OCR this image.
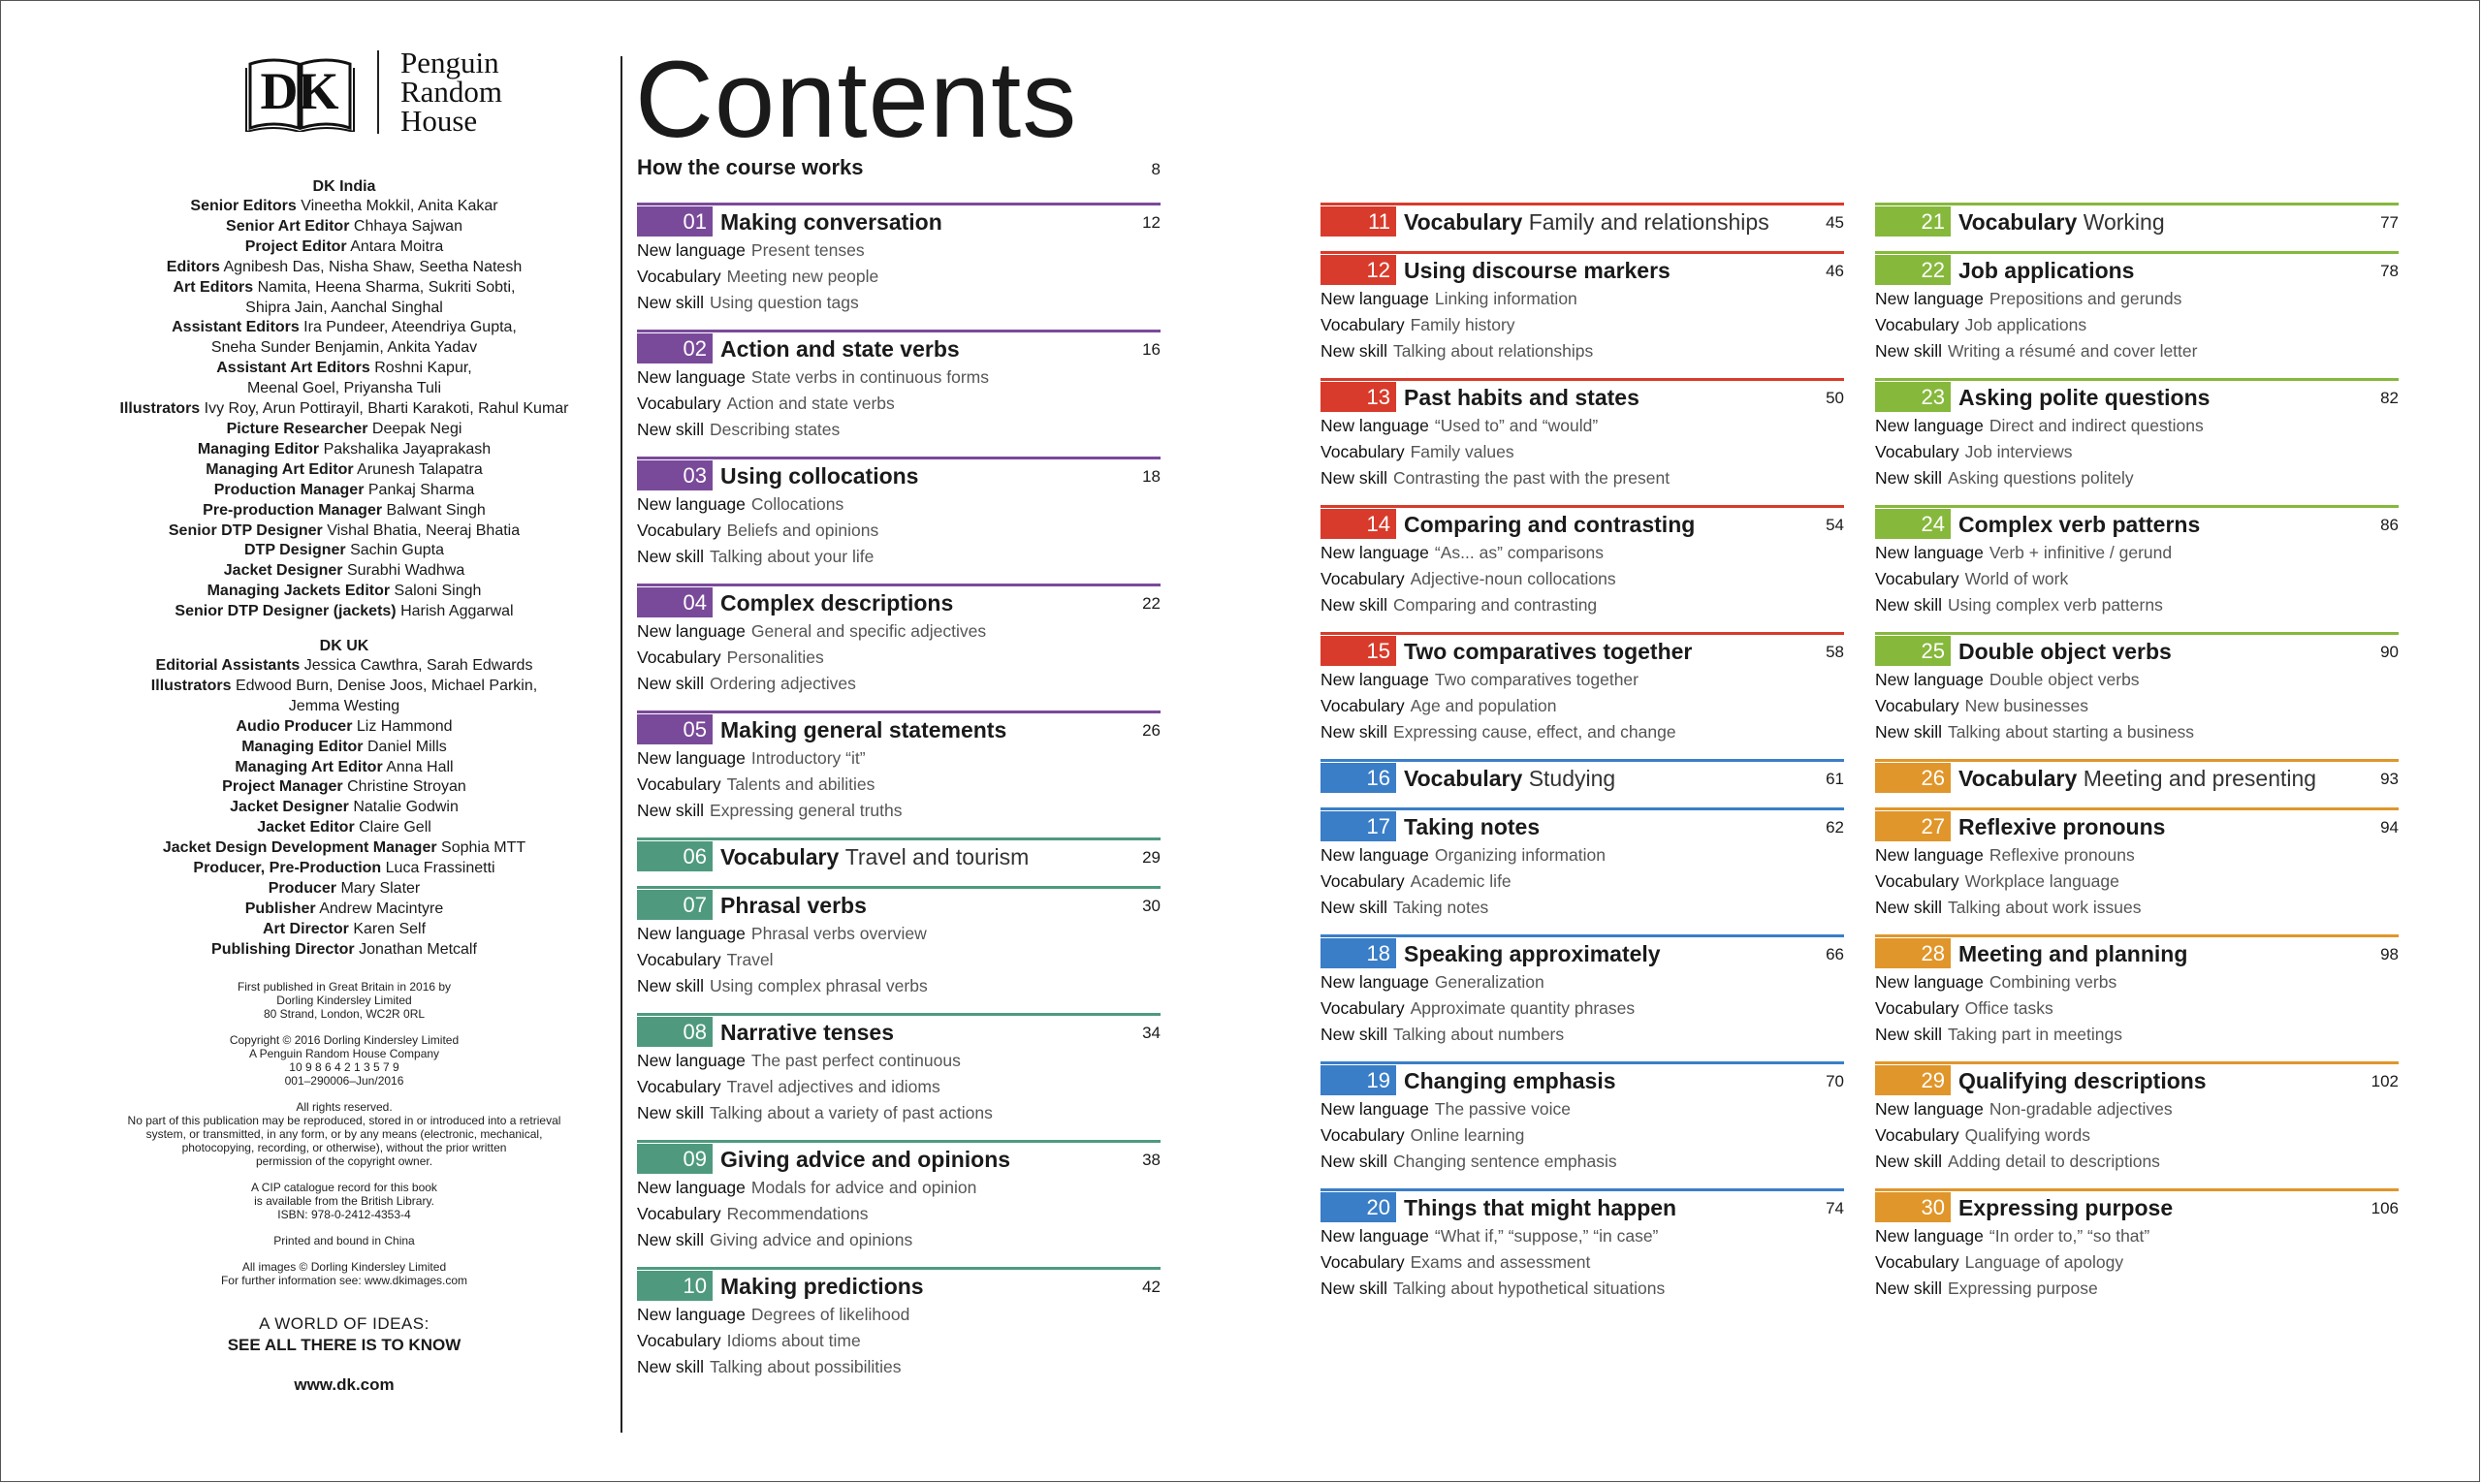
DK Penguin
Random
House

DK India

Senior Editors Vineetha Mokkil, Anita Kakar

Senior Art Editor Chhaya Sajwan

Project Editor Antara Moitra

Editors Agnibesh Das, Nisha Shaw, Seetha Natesh

Art Editors Namita, Heena Sharma, Sukriti Sobti,

Shipra Jain, Aanchal Singhal

Assistant Editors Ira Pundeer, Ateendriya Gupta,

Sneha Sunder Benjamin, Ankita Yadav

Assistant Art Editors Roshni Kapur,

Meenal Goel, Priyansha Tuli

Illustrators Ivy Roy, Arun Pottirayil, Bharti Karakoti, Rahul Kumar

Picture Researcher Deepak Negi

Managing Editor Pakshalika Jayaprakash

Managing Art Editor Arunesh Talapatra

Production Manager Pankaj Sharma

Pre-production Manager Balwant Singh

Senior DTP Designer Vishal Bhatia, Neeraj Bhatia

DTP Designer Sachin Gupta

Jacket Designer Surabhi Wadhwa

Managing Jackets Editor Saloni Singh

Senior DTP Designer (jackets) Harish Aggarwal

DK UK

Editorial Assistants Jessica Cawthra, Sarah Edwards

Illustrators Edwood Burn, Denise Joos, Michael Parkin,

Jemma Westing

Audio Producer Liz Hammond

Managing Editor Daniel Mills

Managing Art Editor Anna Hall

Project Manager Christine Stroyan

Jacket Designer Natalie Godwin

Jacket Editor Claire Gell

Jacket Design Development Manager Sophia MTT

Producer, Pre-Production Luca Frassinetti

Producer Mary Slater

Publisher Andrew Macintyre

Art Director Karen Self

Publishing Director Jonathan Metcalf

First published in Great Britain in 2016 by

Dorling Kindersley Limited

80 Strand, London, WC2R 0RL

Copyright © 2016 Dorling Kindersley Limited

A Penguin Random House Company

10 9 8 6 4 2 1 3 5 7 9

001–290006–Jun/2016

All rights reserved.

No part of this publication may be reproduced, stored in or introduced into a retrieval

system, or transmitted, in any form, or by any means (electronic, mechanical,

photocopying, recording, or otherwise), without the prior written

permission of the copyright owner.

A CIP catalogue record for this book

is available from the British Library.

ISBN: 978-0-2412-4353-4

Printed and bound in China

All images © Dorling Kindersley Limited

For further information see: www.dkimages.com

A WORLD OF IDEAS:

SEE ALL THERE IS TO KNOW

www.dk.com

Contents
How the course works	8
01 Making conversation	12
New language Present tenses
Vocabulary Meeting new people
New skill Using question tags
02 Action and state verbs	16
New language State verbs in continuous forms
Vocabulary Action and state verbs
New skill Describing states
03 Using collocations	18
New language Collocations
Vocabulary Beliefs and opinions
New skill Talking about your life
04 Complex descriptions	22
New language General and specific adjectives
Vocabulary Personalities
New skill Ordering adjectives
05 Making general statements	26
New language Introductory “it”
Vocabulary Talents and abilities
New skill Expressing general truths
06 Vocabulary Travel and tourism	29
07 Phrasal verbs	30
New language Phrasal verbs overview
Vocabulary Travel
New skill Using complex phrasal verbs
08 Narrative tenses	34
New language The past perfect continuous
Vocabulary Travel adjectives and idioms
New skill Talking about a variety of past actions
09 Giving advice and opinions	38
New language Modals for advice and opinion
Vocabulary Recommendations
New skill Giving advice and opinions
10 Making predictions	42
New language Degrees of likelihood
Vocabulary Idioms about time
New skill Talking about possibilities
11 Vocabulary Family and relationships	45
12 Using discourse markers	46
New language Linking information
Vocabulary Family history
New skill Talking about relationships
13 Past habits and states	50
New language “Used to” and “would”
Vocabulary Family values
New skill Contrasting the past with the present
14 Comparing and contrasting	54
New language “As... as” comparisons
Vocabulary Adjective-noun collocations
New skill Comparing and contrasting
15 Two comparatives together	58
New language Two comparatives together
Vocabulary Age and population
New skill Expressing cause, effect, and change
16 Vocabulary Studying	61
17 Taking notes	62
New language Organizing information
Vocabulary Academic life
New skill Taking notes
18 Speaking approximately	66
New language Generalization
Vocabulary Approximate quantity phrases
New skill Talking about numbers
19 Changing emphasis	70
New language The passive voice
Vocabulary Online learning
New skill Changing sentence emphasis
20 Things that might happen	74
New language “What if,” “suppose,” “in case”
Vocabulary Exams and assessment
New skill Talking about hypothetical situations
21 Vocabulary Working	77
22 Job applications	78
New language Prepositions and gerunds
Vocabulary Job applications
New skill Writing a résumé and cover letter
23 Asking polite questions	82
New language Direct and indirect questions
Vocabulary Job interviews
New skill Asking questions politely
24 Complex verb patterns	86
New language Verb + infinitive / gerund
Vocabulary World of work
New skill Using complex verb patterns
25 Double object verbs	90
New language Double object verbs
Vocabulary New businesses
New skill Talking about starting a business
26 Vocabulary Meeting and presenting	93
27 Reflexive pronouns	94
New language Reflexive pronouns
Vocabulary Workplace language
New skill Talking about work issues
28 Meeting and planning	98
New language Combining verbs
Vocabulary Office tasks
New skill Taking part in meetings
29 Qualifying descriptions	102
New language Non-gradable adjectives
Vocabulary Qualifying words
New skill Adding detail to descriptions
30 Expressing purpose	106
New language “In order to,” “so that”
Vocabulary Language of apology
New skill Expressing purpose
